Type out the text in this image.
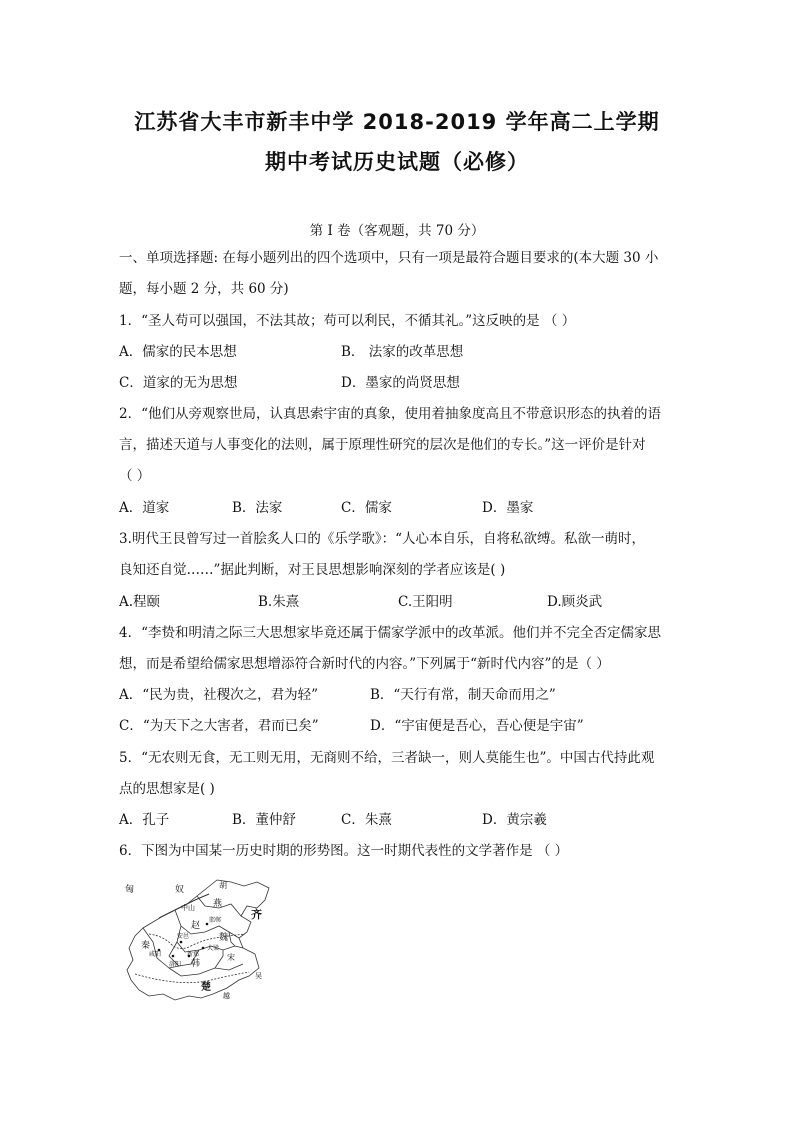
江苏省大丰市新丰中学 2018-2019 学年高二上学期
期中考试历史试题（必修）
第 I 卷（客观题，共 70 分）
一、单项选择题: 在每小题列出的四个选项中，只有一项是最符合题目要求的(本大题 30 小
题，每小题 2 分，共 60 分)
1．“圣人苟可以强国，不法其故；苟可以利民，不循其礼。”这反映的是 （ ）
A．儒家的民本思想	B． 法家的改革思想
C．道家的无为思想	D．墨家的尚贤思想
2．“他们从旁观察世局，认真思索宇宙的真象，使用着抽象度高且不带意识形态的执着的语
言，描述天道与人事变化的法则，属于原理性研究的层次是他们的专长。”这一评价是针对
（ ）
A．道家	B．法家	C．儒家	D．墨家
3.明代王艮曾写过一首脍炙人口的《乐学歌》：“人心本自乐，自将私欲缚。私欲一萌时，
良知还自觉……”据此判断，对王艮思想影响深刻的学者应该是( )
A.程颐	B.朱熹	C.王阳明	D.顾炎武
4．“李贽和明清之际三大思想家毕竟还属于儒家学派中的改革派。他们并不完全否定儒家思
想，而是希望给儒家思想增添符合新时代的内容。”下列属于“新时代内容”的是（ ）
A．“民为贵，社稷次之，君为轻”	B．“天行有常，制天命而用之”
C．“为天下之大害者，君而已矣”	D．“宇宙便是吾心，吾心便是宇宙”
5．“无农则无食，无工则无用，无商则不给，三者缺一，则人莫能生也”。中国古代持此观
点的思想家是( )
A．孔子	B．董仲舒	C．朱熹	D．黄宗羲
6．下图为中国某一历史时期的形势图。这一时期代表性的文学著作是 （ ）
匈	奴	胡
中山 燕
齐
赵
邯郸
魏
安邑
大梁
韩
新郑
咸阳
洛阳
秦
楚
宋
越
吴
